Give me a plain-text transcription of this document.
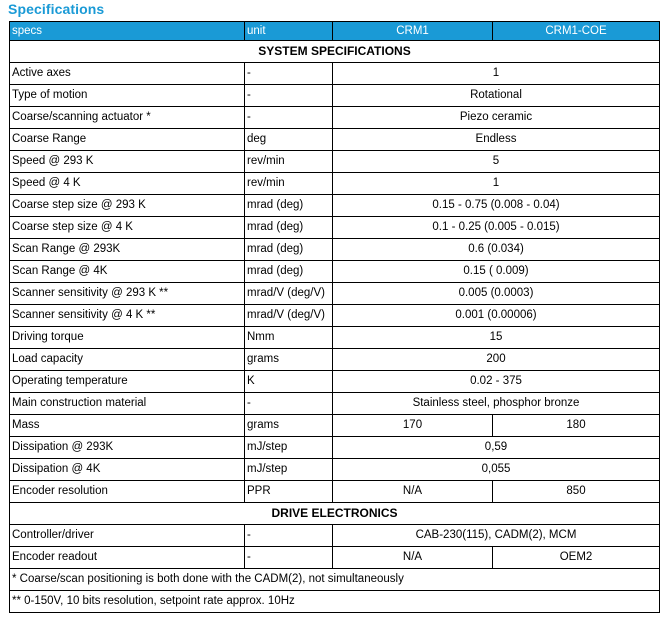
Specifications
specs	unit	CRM1	CRM1-COE
SYSTEM SPECIFICATIONS			
Active axes	-	1	
Type of motion	-	Rotational	
Coarse/scanning actuator *	-	Piezo ceramic	
Coarse Range	deg	Endless	
Speed @ 293 K	rev/min	5	
Speed @ 4 K	rev/min	1	
Coarse step size @ 293 K	mrad (deg)	0.15 - 0.75 (0.008 - 0.04)	
Coarse step size @ 4 K	mrad (deg)	0.1 - 0.25 (0.005 - 0.015)	
Scan Range @ 293K	mrad (deg)	0.6 (0.034)	
Scan Range @ 4K	mrad (deg)	0.15 ( 0.009)	
Scanner sensitivity @ 293 K **	mrad/V (deg/V)	0.005 (0.0003)	
Scanner sensitivity @ 4 K **	mrad/V (deg/V)	0.001 (0.00006)	
Driving torque	Nmm	15	
Load capacity	grams	200	
Operating temperature	K	0.02 - 375	
Main construction material	-	Stainless steel, phosphor bronze	
Mass	grams	170	180
Dissipation @ 293K	mJ/step	0,59	
Dissipation @ 4K	mJ/step	0,055	
Encoder resolution	PPR	N/A	850
DRIVE ELECTRONICS			
Controller/driver	-	CAB-230(115), CADM(2), MCM	
Encoder readout	-	N/A	OEM2
* Coarse/scan positioning is both done with the CADM(2), not simultaneously			
** 0-150V, 10 bits resolution, setpoint rate approx. 10Hz			
